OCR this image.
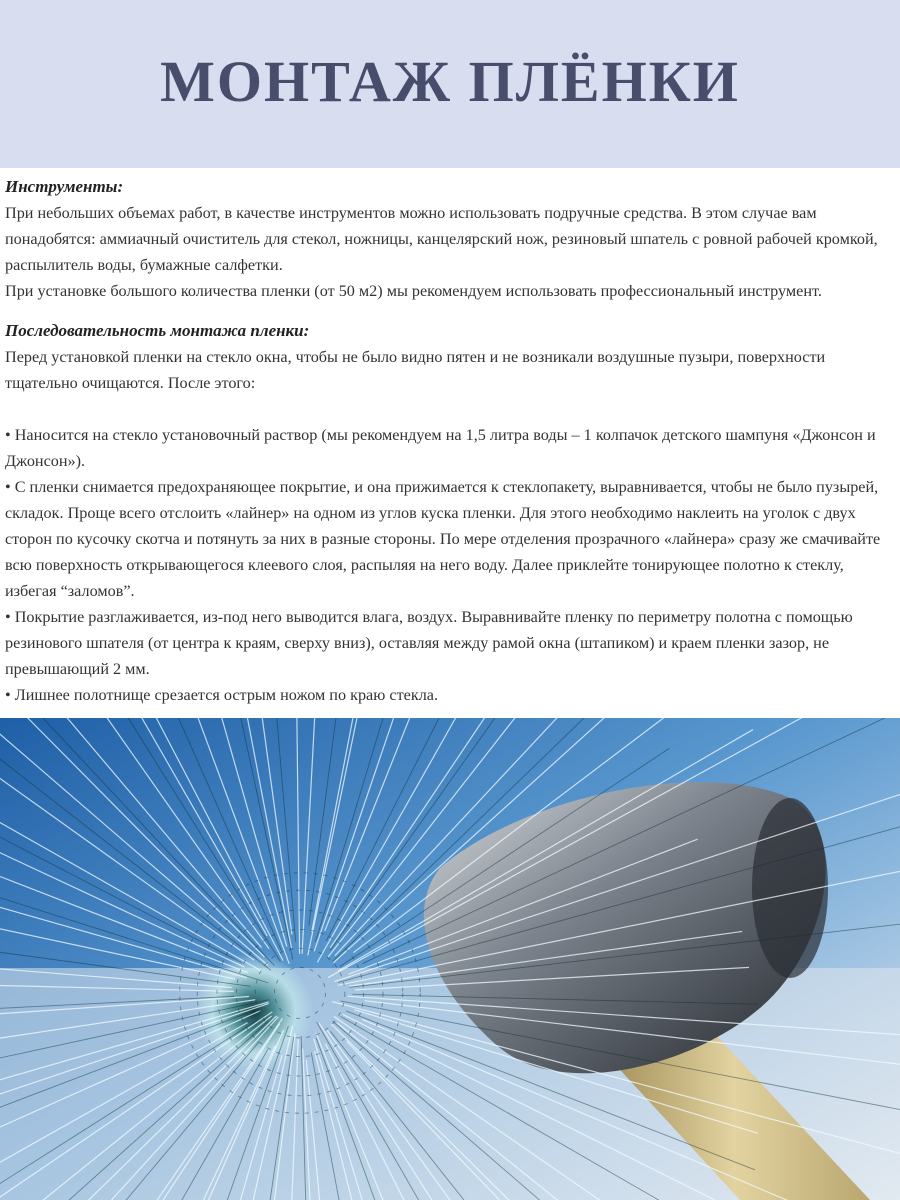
МОНТАЖ ПЛЁНКИ
Инструменты:

При небольших объемах работ, в качестве инструментов можно использовать подручные средства. В этом случае вам понадобятся: аммиачный очиститель для стекол, ножницы, канцелярский нож, резиновый шпатель с ровной рабочей кромкой, распылитель воды, бумажные салфетки.

При установке большого количества пленки (от 50 м2) мы рекомендуем использовать профессиональный инструмент.

Последовательность монтажа пленки:

Перед установкой пленки на стекло окна, чтобы не было видно пятен и не возникали воздушные пузыри, поверхности тщательно очищаются. После этого:

• Наносится на стекло установочный раствор (мы рекомендуем на 1,5 литра воды – 1 колпачок детского шампуня «Джонсон и Джонсон»).

• С пленки снимается предохраняющее покрытие, и она прижимается к стеклопакету, выравнивается, чтобы не было пузырей, складок. Проще всего отслоить «лайнер» на одном из углов куска пленки. Для этого необходимо наклеить на уголок с двух сторон по кусочку скотча и потянуть за них в разные стороны. По мере отделения прозрачного «лайнера» сразу же смачивайте всю поверхность открывающегося клеевого слоя, распыляя на него воду. Далее приклейте тонирующее полотно к стеклу, избегая “заломов”.

• Покрытие разглаживается, из-под него выводится влага, воздух. Выравнивайте пленку по периметру полотна с помощью резинового шпателя (от центра к краям, сверху вниз), оставляя между рамой окна (штапиком) и краем пленки зазор, не превышающий 2 мм.

• Лишнее полотнище срезается острым ножом по краю стекла.
